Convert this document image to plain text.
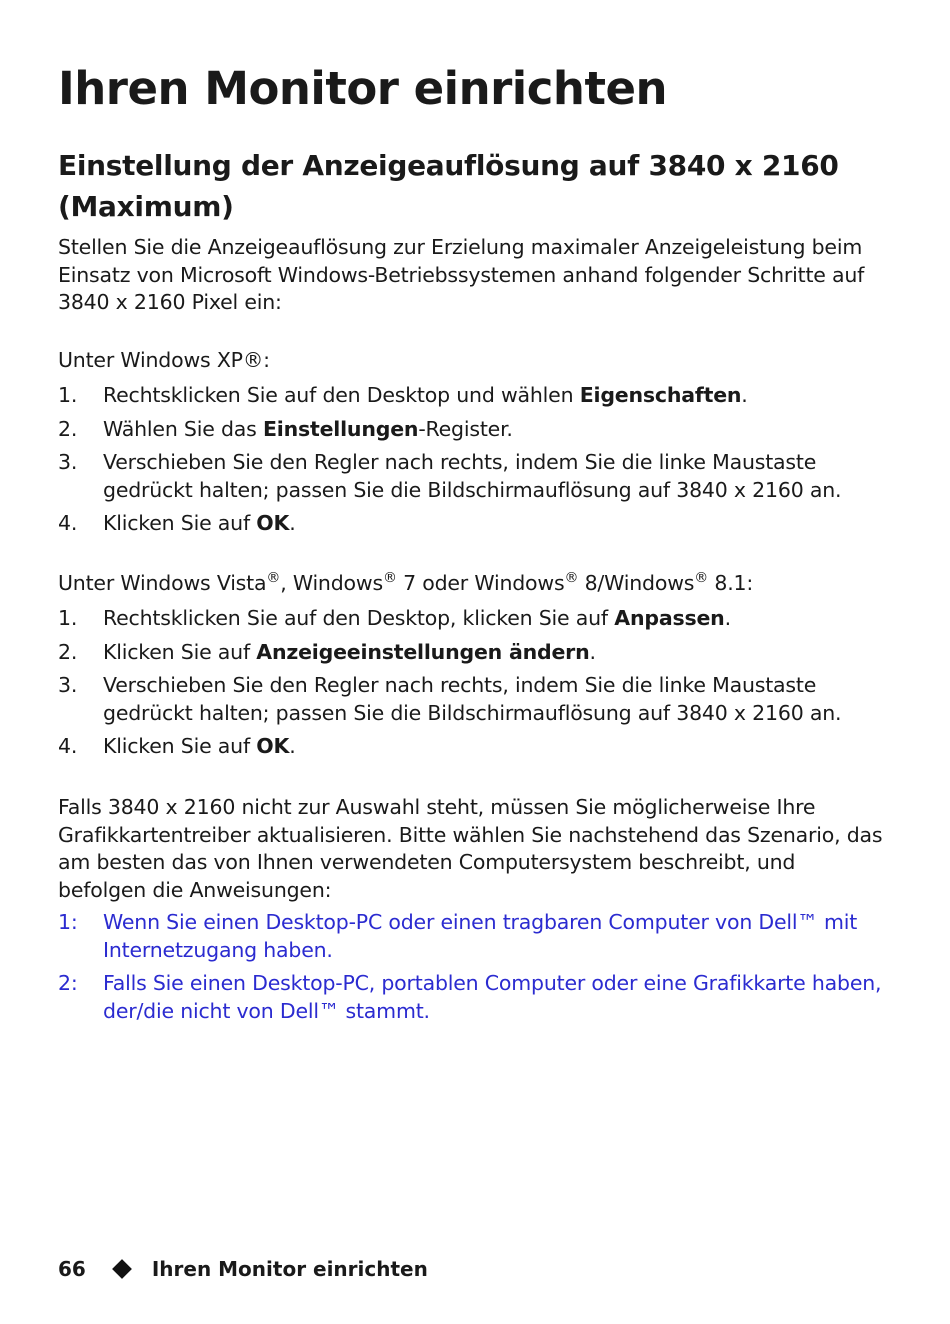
Ihren Monitor einrichten
Einstellung der Anzeigeauflösung auf 3840 x 2160 (Maximum)

Stellen Sie die Anzeigeauflösung zur Erzielung maximaler Anzeigeleistung beim Einsatz von Microsoft Windows-Betriebssystemen anhand folgender Schritte auf 3840 x 2160 Pixel ein:

Unter Windows XP®:

1. Rechtsklicken Sie auf den Desktop und wählen Eigenschaften.
2. Wählen Sie das Einstellungen-Register.
3. Verschieben Sie den Regler nach rechts, indem Sie die linke Maustaste gedrückt halten; passen Sie die Bildschirmauflösung auf 3840 x 2160 an.
4. Klicken Sie auf OK.

Unter Windows Vista®, Windows® 7 oder Windows® 8/Windows® 8.1:

1. Rechtsklicken Sie auf den Desktop, klicken Sie auf Anpassen.
2. Klicken Sie auf Anzeigeeinstellungen ändern.
3. Verschieben Sie den Regler nach rechts, indem Sie die linke Maustaste gedrückt halten; passen Sie die Bildschirmauflösung auf 3840 x 2160 an.
4. Klicken Sie auf OK.

Falls 3840 x 2160 nicht zur Auswahl steht, müssen Sie möglicherweise Ihre Grafikkartentreiber aktualisieren. Bitte wählen Sie nachstehend das Szenario, das am besten das von Ihnen verwendeten Computersystem beschreibt, und befolgen die Anweisungen:

1: Wenn Sie einen Desktop-PC oder einen tragbaren Computer von Dell™ mit Internetzugang haben.
2: Falls Sie einen Desktop-PC, portablen Computer oder eine Grafikkarte haben, der/die nicht von Dell™ stammt.
66	Ihren Monitor einrichten
